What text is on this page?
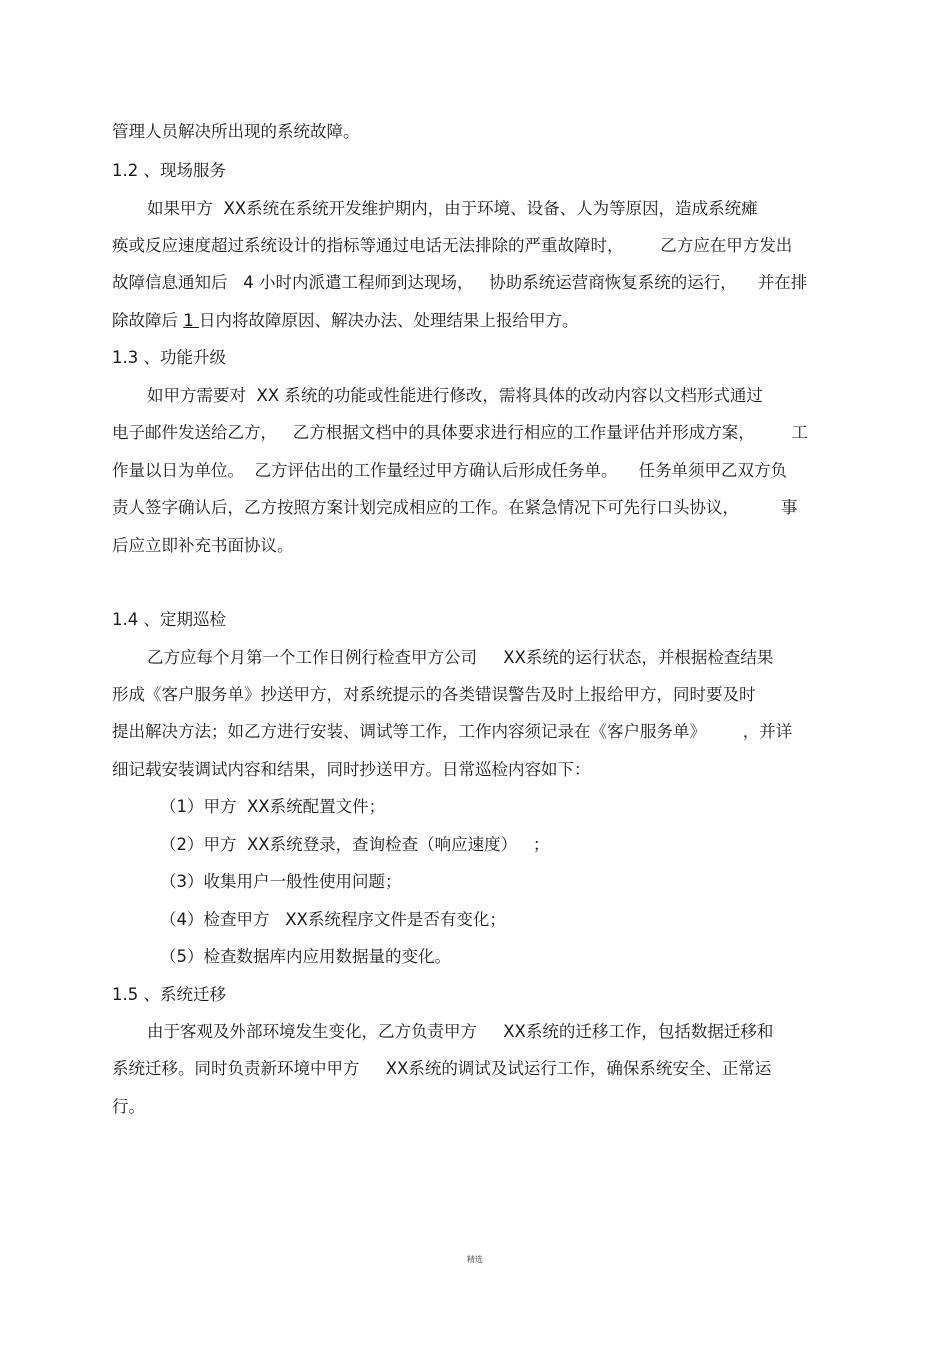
管理人员解决所出现的系统故障。
1.2 、现场服务
如果甲方  XX系统在系统开发维护期内，由于环境、设备、人为等原因，造成系统瘫
痪或反应速度超过系统设计的指标等通过电话无法排除的严重故障时，       乙方应在甲方发出
故障信息通知后   4 小时内派遣工程师到达现场，   协助系统运营商恢复系统的运行，    并在排
除故障后 1 日内将故障原因、解决办法、处理结果上报给甲方。
1.3 、功能升级
如甲方需要对  XX 系统的功能或性能进行修改，需将具体的改动内容以文档形式通过
电子邮件发送给乙方，   乙方根据文档中的具体要求进行相应的工作量评估并形成方案，       工
作量以日为单位。  乙方评估出的工作量经过甲方确认后形成任务单。    任务单须甲乙双方负
责人签字确认后，乙方按照方案计划完成相应的工作。在紧急情况下可先行口头协议，        事
后应立即补充书面协议。
1.4 、定期巡检
乙方应每个月第一个工作日例行检查甲方公司     XX系统的运行状态，并根据检查结果
形成《客户服务单》抄送甲方，对系统提示的各类错误警告及时上报给甲方，同时要及时
提出解决方法；如乙方进行安装、调试等工作，工作内容须记录在《客户服务单》       ，并详
细记载安装调试内容和结果，同时抄送甲方。日常巡检内容如下：
（1）甲方  XX系统配置文件；
（2）甲方  XX系统登录，查询检查（响应速度）   ；
（3）收集用户一般性使用问题；
（4）检查甲方   XX系统程序文件是否有变化；
（5）检查数据库内应用数据量的变化。
1.5 、系统迁移
由于客观及外部环境发生变化，乙方负责甲方     XX系统的迁移工作，包括数据迁移和
系统迁移。同时负责新环境中甲方     XX系统的调试及试运行工作，确保系统安全、正常运
行。
精选
